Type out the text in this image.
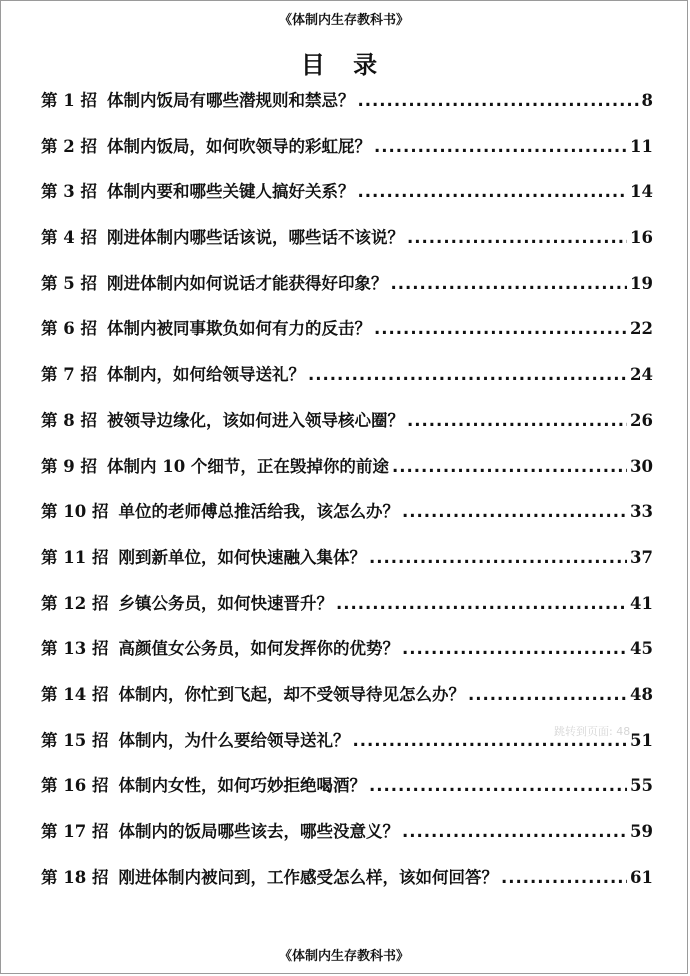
《体制内生存教科书》
目 录
第 1 招 体制内饭局有哪些潜规则和禁忌？ .....	8
第 2 招 体制内饭局，如何吹领导的彩虹屁？ .....	11
第 3 招 体制内要和哪些关键人搞好关系？ .....	14
第 4 招 刚进体制内哪些话该说，哪些话不该说？ .....	16
第 5 招 刚进体制内如何说话才能获得好印象？ .....	19
第 6 招 体制内被同事欺负如何有力的反击？ .....	22
第 7 招 体制内，如何给领导送礼？ .....	24
第 8 招 被领导边缘化，该如何进入领导核心圈？ .....	26
第 9 招 体制内 10 个细节，正在毁掉你的前途 .....	30
第 10 招 单位的老师傅总推活给我，该怎么办？ .....	33
第 11 招 刚到新单位，如何快速融入集体？ .....	37
第 12 招 乡镇公务员，如何快速晋升？ .....	41
第 13 招 高颜值女公务员，如何发挥你的优势？ .....	45
第 14 招 体制内，你忙到飞起，却不受领导待见怎么办？ .....	48
第 15 招 体制内，为什么要给领导送礼？ .....	51
第 16 招 体制内女性，如何巧妙拒绝喝酒？ .....	55
第 17 招 体制内的饭局哪些该去，哪些没意义？ .....	59
第 18 招 刚进体制内被问到，工作感受怎么样，该如何回答？ .....	61
跳转到页面: 48
《体制内生存教科书》
